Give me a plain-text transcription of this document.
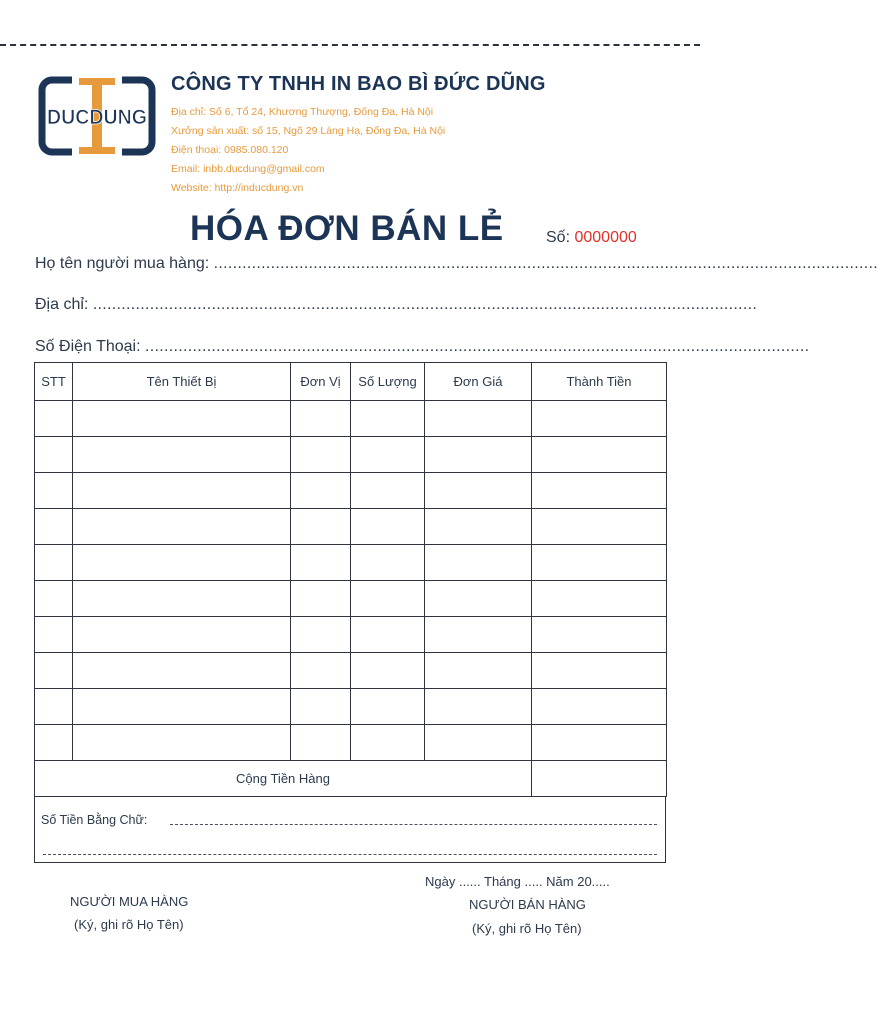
DUCDUNG
CÔNG TY TNHH IN BAO BÌ ĐỨC DŨNG
Địa chỉ: Số 6, Tổ 24, Khương Thượng, Đống Đa, Hà Nội
Xưởng sản xuất: số 15, Ngõ 29 Láng Hạ, Đống Đa, Hà Nội
Điện thoại: 0985.080.120
Email: inbb.ducdung@gmail.com
Website: http://inducdung.vn
HÓA ĐƠN BÁN LẺ	Số: 0000000
Họ tên người mua hàng: ............................................................................................................................................
Địa chỉ: ............................................................................................................................................
Số Điện Thoại: ............................................................................................................................................
STT	Tên Thiết Bị	Đơn Vị	Số Lượng	Đơn Giá	Thành Tiền

Cộng Tiền Hàng					
Số Tiền Bằng Chữ:
Ngày ...... Tháng ..... Năm 20.....
NGƯỜI MUA HÀNG
(Ký, ghi rõ Họ Tên)
NGƯỜI BÁN HÀNG
(Ký, ghi rõ Họ Tên)
